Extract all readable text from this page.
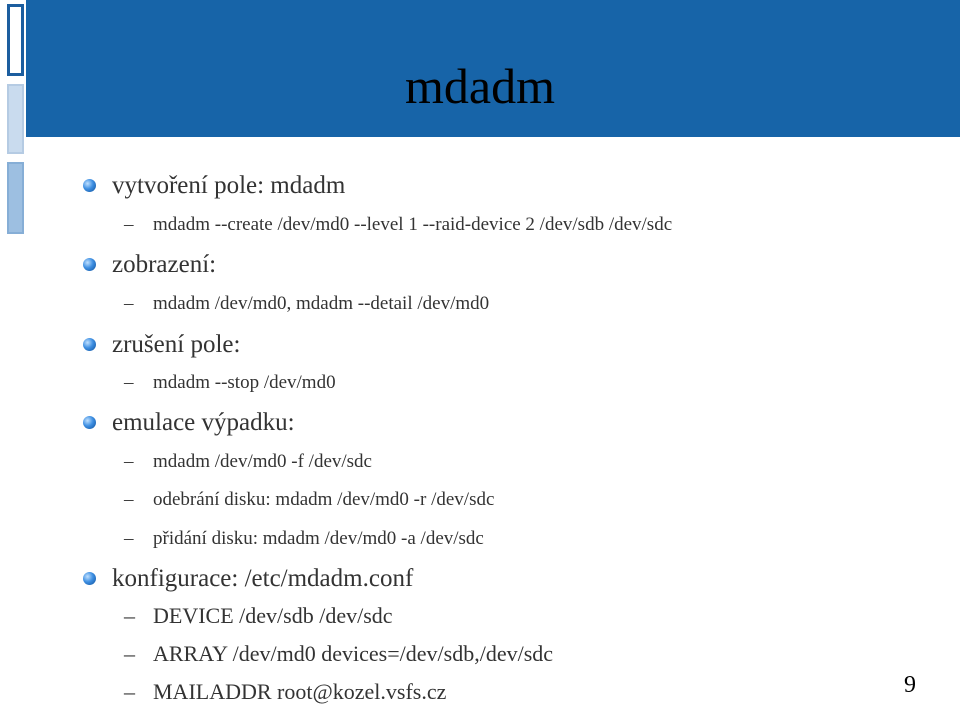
mdadm
vytvoření pole: mdadm
– mdadm --create /dev/md0 --level 1 --raid-device 2 /dev/sdb /dev/sdc
zobrazení:
– mdadm /dev/md0, mdadm --detail /dev/md0
zrušení pole:
– mdadm --stop /dev/md0
emulace výpadku:
– mdadm /dev/md0 -f /dev/sdc
– odebrání disku: mdadm /dev/md0 -r /dev/sdc
– přidání disku: mdadm /dev/md0 -a /dev/sdc
konfigurace: /etc/mdadm.conf
– DEVICE /dev/sdb /dev/sdc
– ARRAY /dev/md0 devices=/dev/sdb,/dev/sdc
– MAILADDR root@kozel.vsfs.cz	9
